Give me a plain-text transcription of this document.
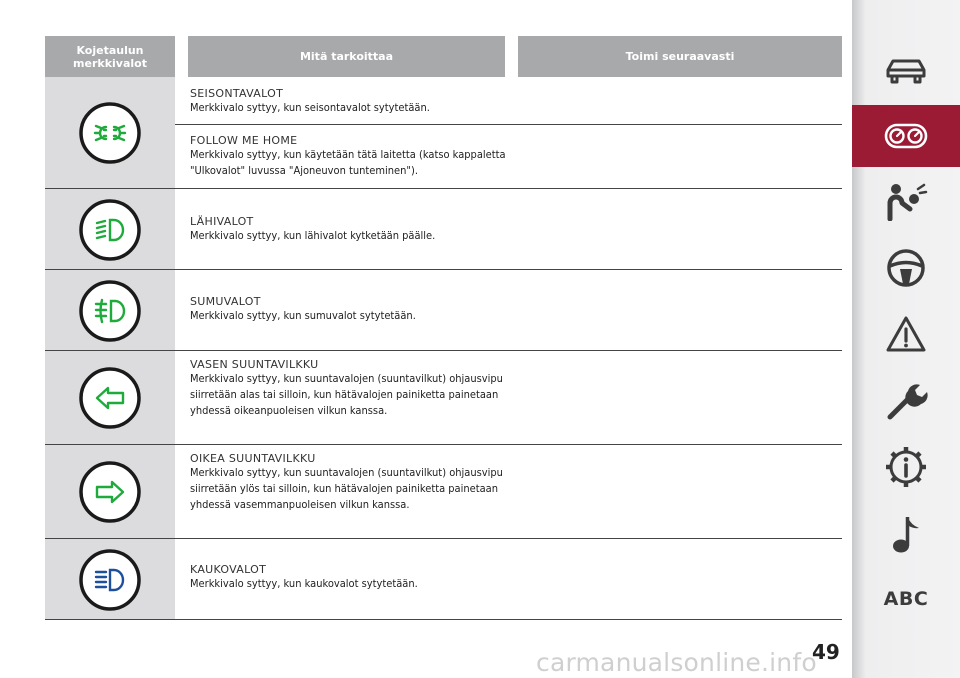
Kojetaulun merkkivalot	Mitä tarkoittaa	Toimi seuraavasti
SEISONTAVALOT
Merkkivalo syttyy, kun seisontavalot sytytetään.
FOLLOW ME HOME
Merkkivalo syttyy, kun käytetään tätä laitetta (katso kappaletta "Ulkovalot" luvussa "Ajoneuvon tunteminen").
LÄHIVALOT
Merkkivalo syttyy, kun lähivalot kytketään päälle.
SUMUVALOT
Merkkivalo syttyy, kun sumuvalot sytytetään.
VASEN SUUNTAVILKKU
Merkkivalo syttyy, kun suuntavalojen (suuntavilkut) ohjausvipu siirretään alas tai silloin, kun hätävalojen painiketta painetaan yhdessä oikeanpuoleisen vilkun kanssa.
OIKEA SUUNTAVILKKU
Merkkivalo syttyy, kun suuntavalojen (suuntavilkut) ohjausvipu siirretään ylös tai silloin, kun hätävalojen painiketta painetaan yhdessä vasemmanpuoleisen vilkun kanssa.
KAUKOVALOT
Merkkivalo syttyy, kun kaukovalot sytytetään.
49
carmanualsonline.info
ABC
